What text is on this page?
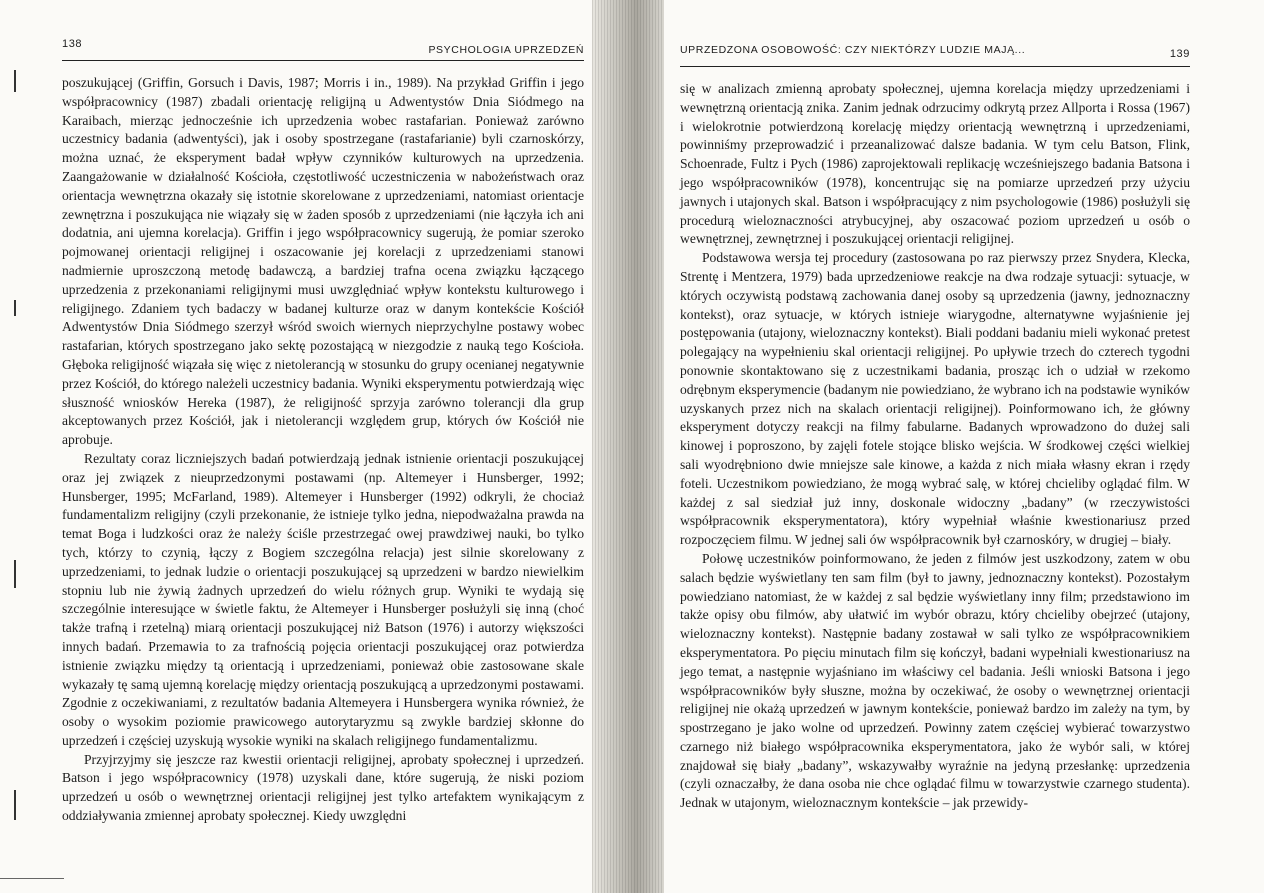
138	PSYCHOLOGIA UPRZEDZEŃ

poszukującej (Griffin, Gorsuch i Davis, 1987; Morris i in., 1989). Na przykład Griffin i jego współpracownicy (1987) zbadali orientację religijną u Adwentystów Dnia Siódmego na Karaibach, mierząc jednocześnie ich uprzedzenia wobec rastafarian. Ponieważ zarówno uczestnicy badania (adwentyści), jak i osoby spostrzegane (rastafarianie) byli czarnoskórzy, można uznać, że eksperyment badał wpływ czynników kulturowych na uprzedzenia. Zaangażowanie w działalność Kościoła, częstotliwość uczestniczenia w nabożeństwach oraz orientacja wewnętrzna okazały się istotnie skorelowane z uprzedzeniami, natomiast orientacje zewnętrzna i poszukująca nie wiązały się w żaden sposób z uprzedzeniami (nie łączyła ich ani dodatnia, ani ujemna korelacja). Griffin i jego współpracownicy sugerują, że pomiar szeroko pojmowanej orientacji religijnej i oszacowanie jej korelacji z uprzedzeniami stanowi nadmiernie uproszczoną metodę badawczą, a bardziej trafna ocena związku łączącego uprzedzenia z przekonaniami religijnymi musi uwzględniać wpływ kontekstu kulturowego i religijnego. Zdaniem tych badaczy w badanej kulturze oraz w danym kontekście Kościół Adwentystów Dnia Siódmego szerzył wśród swoich wiernych nieprzychylne postawy wobec rastafarian, których spostrzegano jako sektę pozostającą w niezgodzie z nauką tego Kościoła. Głęboka religijność wiązała się więc z nietolerancją w stosunku do grupy ocenianej negatywnie przez Kościół, do którego należeli uczestnicy badania. Wyniki eksperymentu potwierdzają więc słuszność wniosków Hereka (1987), że religijność sprzyja zarówno tolerancji dla grup akceptowanych przez Kościół, jak i nietolerancji względem grup, których ów Kościół nie aprobuje.

Rezultaty coraz liczniejszych badań potwierdzają jednak istnienie orientacji poszukującej oraz jej związek z nieuprzedzonymi postawami (np. Altemeyer i Hunsberger, 1992; Hunsberger, 1995; McFarland, 1989). Altemeyer i Hunsberger (1992) odkryli, że chociaż fundamentalizm religijny (czyli przekonanie, że istnieje tylko jedna, niepodważalna prawda na temat Boga i ludzkości oraz że należy ściśle przestrzegać owej prawdziwej nauki, bo tylko tych, którzy to czynią, łączy z Bogiem szczególna relacja) jest silnie skorelowany z uprzedzeniami, to jednak ludzie o orientacji poszukującej są uprzedzeni w bardzo niewielkim stopniu lub nie żywią żadnych uprzedzeń do wielu różnych grup. Wyniki te wydają się szczególnie interesujące w świetle faktu, że Altemeyer i Hunsberger posłużyli się inną (choć także trafną i rzetelną) miarą orientacji poszukującej niż Batson (1976) i autorzy większości innych badań. Przemawia to za trafnością pojęcia orientacji poszukującej oraz potwierdza istnienie związku między tą orientacją i uprzedzeniami, ponieważ obie zastosowane skale wykazały tę samą ujemną korelację między orientacją poszukującą a uprzedzonymi postawami. Zgodnie z oczekiwaniami, z rezultatów badania Altemeyera i Hunsbergera wynika również, że osoby o wysokim poziomie prawicowego autorytaryzmu są zwykle bardziej skłonne do uprzedzeń i częściej uzyskują wysokie wyniki na skalach religijnego fundamentalizmu.

Przyjrzyjmy się jeszcze raz kwestii orientacji religijnej, aprobaty społecznej i uprzedzeń. Batson i jego współpracownicy (1978) uzyskali dane, które sugerują, że niski poziom uprzedzeń u osób o wewnętrznej orientacji religijnej jest tylko artefaktem wynikającym z oddziaływania zmiennej aprobaty społecznej. Kiedy uwzględni

UPRZEDZONA OSOBOWOŚĆ: CZY NIEKTÓRZY LUDZIE MAJĄ...	139

się w analizach zmienną aprobaty społecznej, ujemna korelacja między uprzedzeniami i wewnętrzną orientacją znika. Zanim jednak odrzucimy odkrytą przez Allporta i Rossa (1967) i wielokrotnie potwierdzoną korelację między orientacją wewnętrzną i uprzedzeniami, powinniśmy przeprowadzić i przeanalizować dalsze badania. W tym celu Batson, Flink, Schoenrade, Fultz i Pych (1986) zaprojektowali replikację wcześniejszego badania Batsona i jego współpracowników (1978), koncentrując się na pomiarze uprzedzeń przy użyciu jawnych i utajonych skal. Batson i współpracujący z nim psychologowie (1986) posłużyli się procedurą wieloznaczności atrybucyjnej, aby oszacować poziom uprzedzeń u osób o wewnętrznej, zewnętrznej i poszukującej orientacji religijnej.

Podstawowa wersja tej procedury (zastosowana po raz pierwszy przez Snydera, Klecka, Strentę i Mentzera, 1979) bada uprzedzeniowe reakcje na dwa rodzaje sytuacji: sytuacje, w których oczywistą podstawą zachowania danej osoby są uprzedzenia (jawny, jednoznaczny kontekst), oraz sytuacje, w których istnieje wiarygodne, alternatywne wyjaśnienie jej postępowania (utajony, wieloznaczny kontekst). Biali poddani badaniu mieli wykonać pretest polegający na wypełnieniu skal orientacji religijnej. Po upływie trzech do czterech tygodni ponownie skontaktowano się z uczestnikami badania, prosząc ich o udział w rzekomo odrębnym eksperymencie (badanym nie powiedziano, że wybrano ich na podstawie wyników uzyskanych przez nich na skalach orientacji religijnej). Poinformowano ich, że główny eksperyment dotyczy reakcji na filmy fabularne. Badanych wprowadzono do dużej sali kinowej i poproszono, by zajęli fotele stojące blisko wejścia. W środkowej części wielkiej sali wyodrębniono dwie mniejsze sale kinowe, a każda z nich miała własny ekran i rzędy foteli. Uczestnikom powiedziano, że mogą wybrać salę, w której chcieliby oglądać film. W każdej z sal siedział już inny, doskonale widoczny „badany” (w rzeczywistości współpracownik eksperymentatora), który wypełniał właśnie kwestionariusz przed rozpoczęciem filmu. W jednej sali ów współpracownik był czarnoskóry, w drugiej – biały.

Połowę uczestników poinformowano, że jeden z filmów jest uszkodzony, zatem w obu salach będzie wyświetlany ten sam film (był to jawny, jednoznaczny kontekst). Pozostałym powiedziano natomiast, że w każdej z sal będzie wyświetlany inny film; przedstawiono im także opisy obu filmów, aby ułatwić im wybór obrazu, który chcieliby obejrzeć (utajony, wieloznaczny kontekst). Następnie badany zostawał w sali tylko ze współpracownikiem eksperymentatora. Po pięciu minutach film się kończył, badani wypełniali kwestionariusz na jego temat, a następnie wyjaśniano im właściwy cel badania. Jeśli wnioski Batsona i jego współpracowników były słuszne, można by oczekiwać, że osoby o wewnętrznej orientacji religijnej nie okażą uprzedzeń w jawnym kontekście, ponieważ bardzo im zależy na tym, by spostrzegano je jako wolne od uprzedzeń. Powinny zatem częściej wybierać towarzystwo czarnego niż białego współpracownika eksperymentatora, jako że wybór sali, w której znajdował się biały „badany”, wskazywałby wyraźnie na jedyną przesłankę: uprzedzenia (czyli oznaczałby, że dana osoba nie chce oglądać filmu w towarzystwie czarnego studenta). Jednak w utajonym, wieloznacznym kontekście – jak przewidy-
